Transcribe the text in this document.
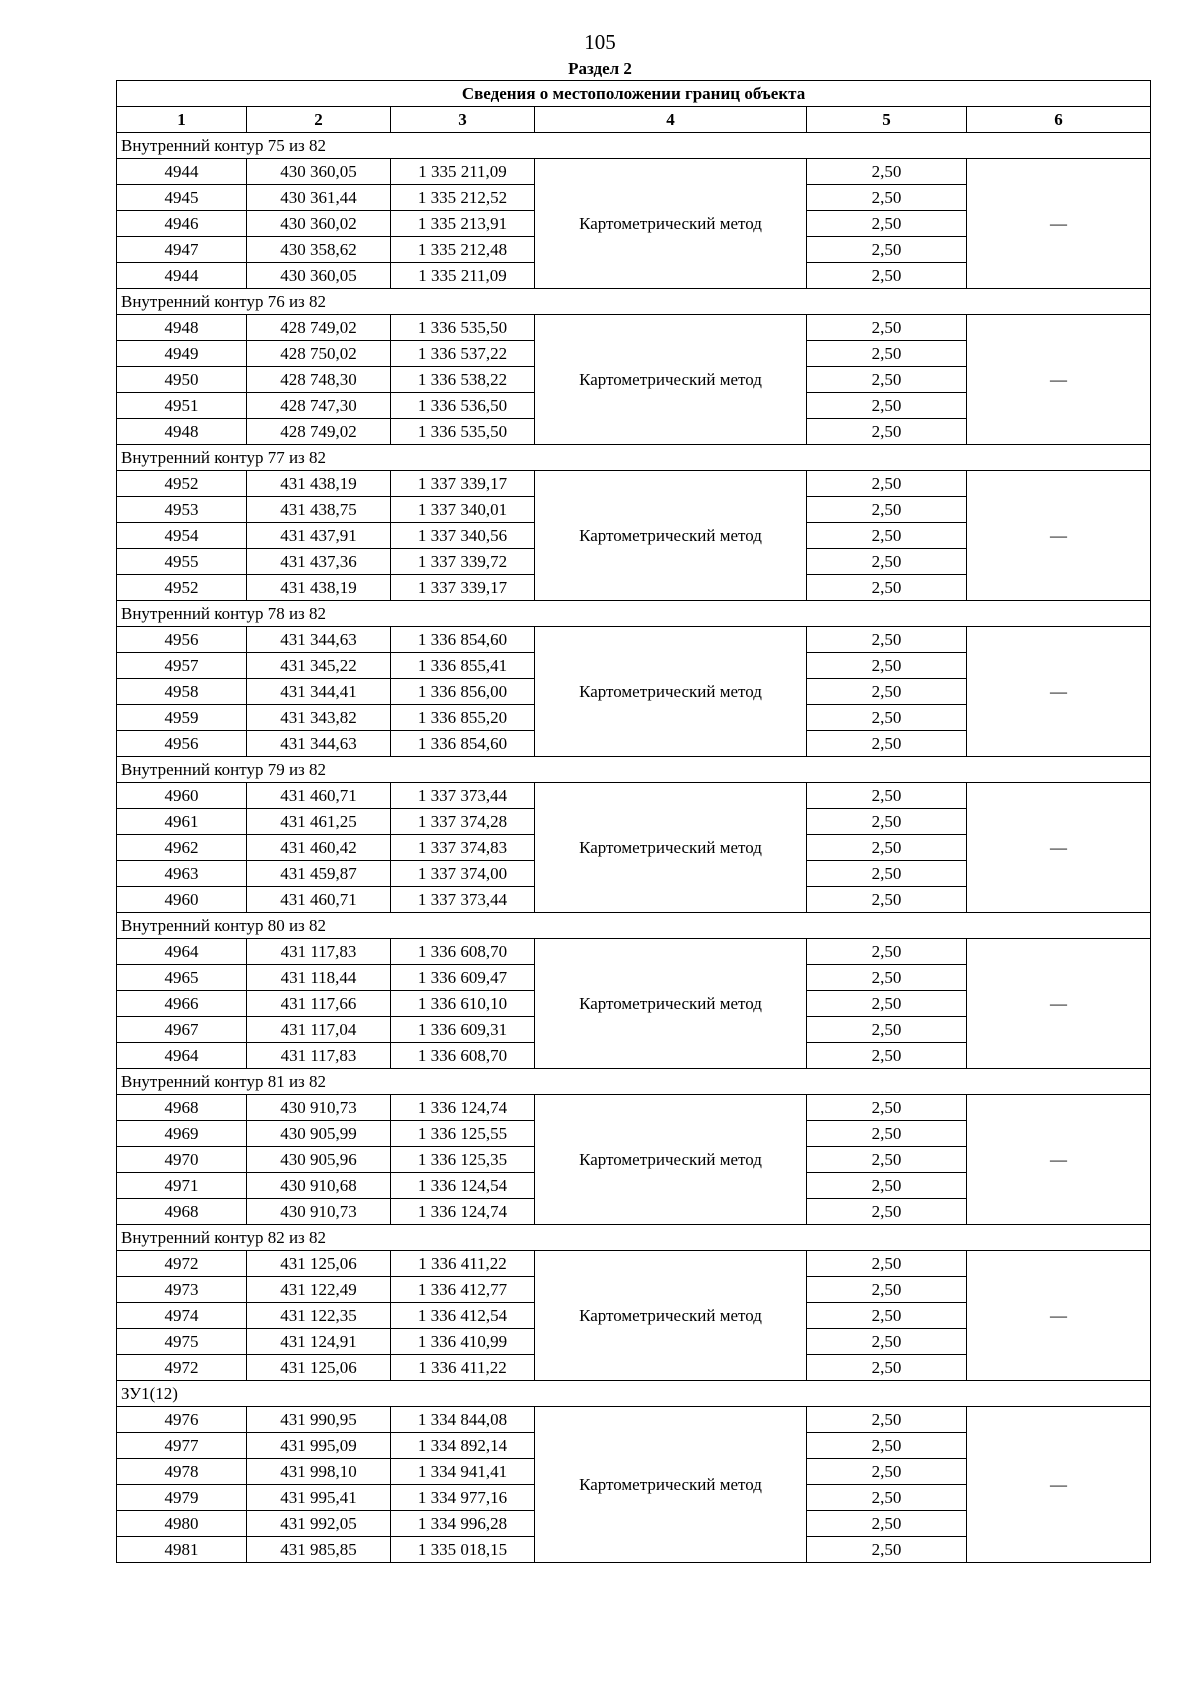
105
Раздел 2
Сведения о местоположении границ объекта					
1	2	3	4	5	6
Внутренний контур 75 из 82					
4944	430 360,05	1 335 211,09	Картометрический метод	2,50	—
4945	430 361,44	1 335 212,52		2,50	
4946	430 360,02	1 335 213,91		2,50	
4947	430 358,62	1 335 212,48		2,50	
4944	430 360,05	1 335 211,09		2,50	
Внутренний контур 76 из 82					
4948	428 749,02	1 336 535,50	Картометрический метод	2,50	—
4949	428 750,02	1 336 537,22		2,50	
4950	428 748,30	1 336 538,22		2,50	
4951	428 747,30	1 336 536,50		2,50	
4948	428 749,02	1 336 535,50		2,50	
Внутренний контур 77 из 82					
4952	431 438,19	1 337 339,17	Картометрический метод	2,50	—
4953	431 438,75	1 337 340,01		2,50	
4954	431 437,91	1 337 340,56		2,50	
4955	431 437,36	1 337 339,72		2,50	
4952	431 438,19	1 337 339,17		2,50	
Внутренний контур 78 из 82					
4956	431 344,63	1 336 854,60	Картометрический метод	2,50	—
4957	431 345,22	1 336 855,41		2,50	
4958	431 344,41	1 336 856,00		2,50	
4959	431 343,82	1 336 855,20		2,50	
4956	431 344,63	1 336 854,60		2,50	
Внутренний контур 79 из 82					
4960	431 460,71	1 337 373,44	Картометрический метод	2,50	—
4961	431 461,25	1 337 374,28		2,50	
4962	431 460,42	1 337 374,83		2,50	
4963	431 459,87	1 337 374,00		2,50	
4960	431 460,71	1 337 373,44		2,50	
Внутренний контур 80 из 82					
4964	431 117,83	1 336 608,70	Картометрический метод	2,50	—
4965	431 118,44	1 336 609,47		2,50	
4966	431 117,66	1 336 610,10		2,50	
4967	431 117,04	1 336 609,31		2,50	
4964	431 117,83	1 336 608,70		2,50	
Внутренний контур 81 из 82					
4968	430 910,73	1 336 124,74	Картометрический метод	2,50	—
4969	430 905,99	1 336 125,55		2,50	
4970	430 905,96	1 336 125,35		2,50	
4971	430 910,68	1 336 124,54		2,50	
4968	430 910,73	1 336 124,74		2,50	
Внутренний контур 82 из 82					
4972	431 125,06	1 336 411,22	Картометрический метод	2,50	—
4973	431 122,49	1 336 412,77		2,50	
4974	431 122,35	1 336 412,54		2,50	
4975	431 124,91	1 336 410,99		2,50	
4972	431 125,06	1 336 411,22		2,50	
ЗУ1(12)					
4976	431 990,95	1 334 844,08	Картометрический метод	2,50	—
4977	431 995,09	1 334 892,14		2,50	
4978	431 998,10	1 334 941,41		2,50	
4979	431 995,41	1 334 977,16		2,50	
4980	431 992,05	1 334 996,28		2,50	
4981	431 985,85	1 335 018,15		2,50	
